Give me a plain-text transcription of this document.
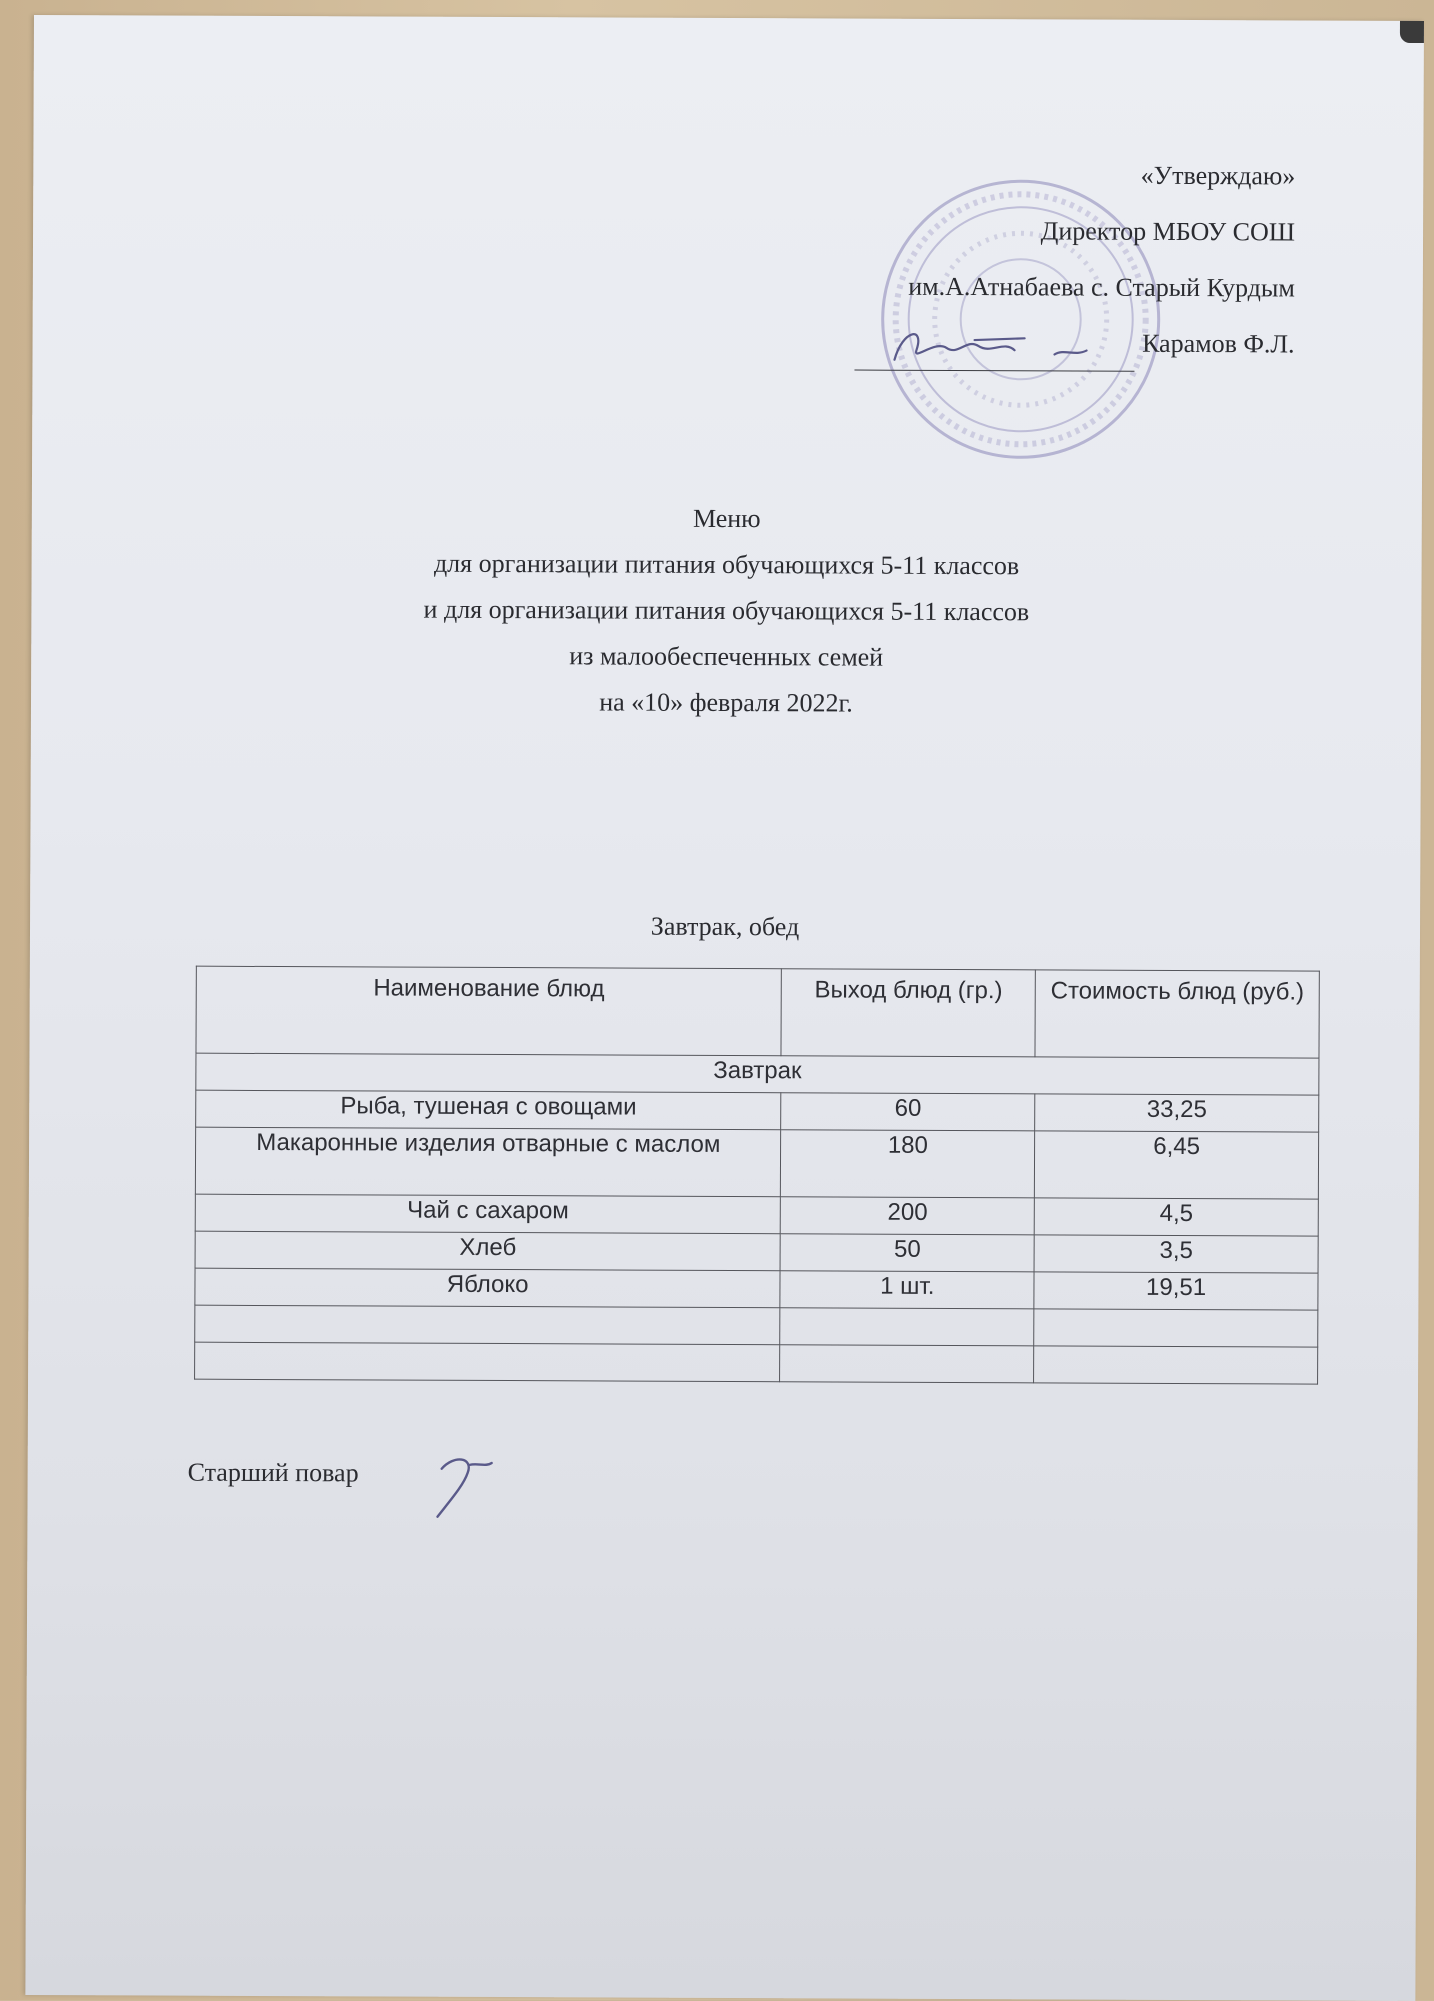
«Утверждаю»
Директор МБОУ СОШ
им.А.Атнабаева с. Старый Курдым
Карамов Ф.Л.
Меню
для организации питания обучающихся 5-11 классов
и для организации питания обучающихся 5-11 классов
из малообеспеченных семей
на «10» февраля 2022г.
Завтрак, обед
Наименование блюд	Выход блюд (гр.)	Стоимость блюд (руб.)
Завтрак		
Рыба, тушеная с овощами	60	33,25
Макаронные изделия отварные с маслом	180	6,45
Чай с сахаром	200	4,5
Хлеб	50	3,5
Яблоко	1 шт.	19,51

Старший повар
